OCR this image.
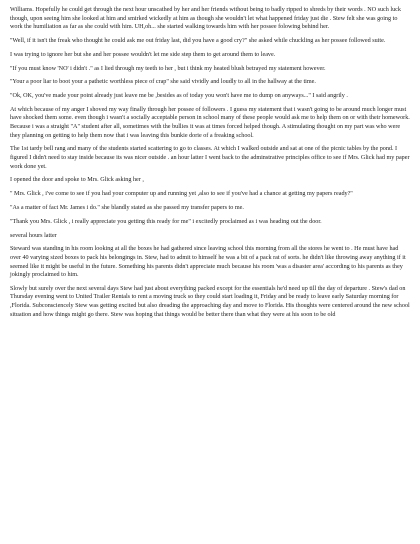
Williams. Hopefully he could get through the next hour unscathed by her and her friends without being to badly ripped to shreds by their words . NO such luck though, upon seeing him she looked at him and smirked wickedly at him as though she wouldn't let what happened friday just die . Stew felt she was going to work the humiliation as far as she could with him. UH,oh... she started walking towards him with her possee folowing behind her.

"Well, if it isn't the freak who thought he could ask me out friday last, did you have a good cry?" she asked while chuckling as her possee followed suite.

I was trying to ignore her but she and her possee wouldn't let me side step them to get around them to leave.

"If you must know 'NO' i didn't ." as I lied through my teeth to her , but i think my heated blush betrayed my statement however.

"Your a poor liar to boot your a pathetic worthless piece of crap" she said vividly and loudly to all in the hallway at the time.

"Ok, OK, you've made your point already just leave me be ,besides as of today you won't have me to dump on anyways..." I said angrily .

At which because of my anger I shoved my way finally through her possee of followers . I guess my statement that i wasn't going to be around much longer must have shocked them some. even though i wasn't a socially acceptable person in school many of these people would ask me to help them on or with their homework. Because i was a straight "A" student after all, sometimes with the bullies it was at times forced helped though. A stimulating thought on my part was who were they planning on getting to help them now that i was leaving this bunkie dorie of a freaking school.

The 1st tardy bell rang and many of the students started scattering to go to classes. At which I walked outside and sat at one of the picnic tables by the pond. I figured I didn't need to stay inside because its was nicer outside . an hour latter I went back to the adminstrative principles office to see if Mrs. Glick had my paper work done yet.

I opened the door and spoke to Mrs. Glick asking her ,

" Mrs. Glick , i've come to see if you had your computer up and running yet ,also to see if you've had a chance at getting my papers ready?"

"As a matter of fact Mr. James i do." she blandly stated as she passed my transfer papers to me.

"Thank you Mrs. Glick , i really appreciate you getting this ready for me" i excitedly proclaimed as i was heading out the door.

several hours latter

Steward was standing in his room looking at all the boxes he had gathered since leaving school this morning from all the stores he went to . He must have had over 40 varying sized boxes to pack his belongings in. Stew, had to admit to himself he was a bit of a pack rat of sorts. he didn't like throwing away anything if it seemed like it might be useful in the future. Something his parents didn't appreciate much because his room 'was a disaster area' according to his parents as they jokingly proclaimed to him.

Slowly but surely over the next several days Stew had just about everything packed except for the essentials he'd need up till the day of departure . Stew's dad on Thursday evening went to United Trailer Rentals to rent a moving truck so they could start loading it, Friday and be ready to leave early Saturday morning for ,Florida. Subconsciencely Stew was getting excited but also dreading the approaching day and move to Florida. His thoughts were centered around the new school situation and how things might go there. Stew was hoping that things would be better there than what they were at his soon to be old
